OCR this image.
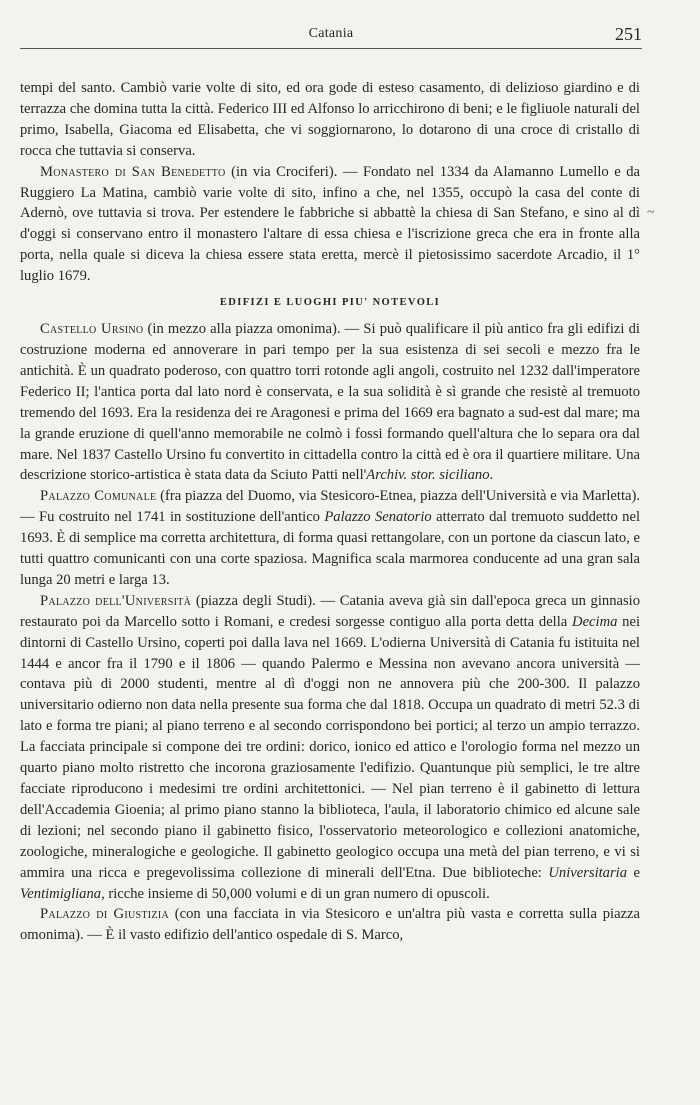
Catania	251
~

tempi del santo. Cambiò varie volte di sito, ed ora gode di esteso casamento, di delizioso giardino e di terrazza che domina tutta la città. Federico III ed Alfonso lo arricchirono di beni; e le figliuole naturali del primo, Isabella, Giacoma ed Elisabetta, che vi soggiornarono, lo dotarono di una croce di cristallo di rocca che tuttavia si conserva.

Monastero di San Benedetto (in via Crociferi). — Fondato nel 1334 da Alamanno Lumello e da Ruggiero La Matina, cambiò varie volte di sito, infino a che, nel 1355, occupò la casa del conte di Adernò, ove tuttavia si trova. Per estendere le fabbriche si abbattè la chiesa di San Stefano, e sino al dì d'oggi si conservano entro il monastero l'altare di essa chiesa e l'iscrizione greca che era in fronte alla porta, nella quale si diceva la chiesa essere stata eretta, mercè il pietosissimo sacerdote Arcadio, il 1° luglio 1679.

EDIFIZI E LUOGHI PIU' NOTEVOLI

Castello Ursino (in mezzo alla piazza omonima). — Si può qualificare il più antico fra gli edifizi di costruzione moderna ed annoverare in pari tempo per la sua esistenza di sei secoli e mezzo fra le antichità. È un quadrato poderoso, con quattro torri rotonde agli angoli, costruito nel 1232 dall'imperatore Federico II; l'antica porta dal lato nord è conservata, e la sua solidità è sì grande che resistè al tremuoto tremendo del 1693. Era la residenza dei re Aragonesi e prima del 1669 era bagnato a sud-est dal mare; ma la grande eruzione di quell'anno memorabile ne colmò i fossi formando quell'altura che lo separa ora dal mare. Nel 1837 Castello Ursino fu convertito in cittadella contro la città ed è ora il quartiere militare. Una descrizione storico-artistica è stata data da Sciuto Patti nell'Archiv. stor. siciliano.

Palazzo Comunale (fra piazza del Duomo, via Stesicoro-Etnea, piazza dell'Università e via Marletta). — Fu costruito nel 1741 in sostituzione dell'antico Palazzo Senatorio atterrato dal tremuoto suddetto nel 1693. È di semplice ma corretta architettura, di forma quasi rettangolare, con un portone da ciascun lato, e tutti quattro comunicanti con una corte spaziosa. Magnifica scala marmorea conducente ad una gran sala lunga 20 metri e larga 13.

Palazzo dell'Università (piazza degli Studi). — Catania aveva già sin dall'epoca greca un ginnasio restaurato poi da Marcello sotto i Romani, e credesi sorgesse contiguo alla porta detta della Decima nei dintorni di Castello Ursino, coperti poi dalla lava nel 1669. L'odierna Università di Catania fu istituita nel 1444 e ancor fra il 1790 e il 1806 — quando Palermo e Messina non avevano ancora università — contava più di 2000 studenti, mentre al dì d'oggi non ne annovera più che 200-300. Il palazzo universitario odierno non data nella presente sua forma che dal 1818. Occupa un quadrato di metri 52.3 di lato e forma tre piani; al piano terreno e al secondo corrispondono bei portici; al terzo un ampio terrazzo. La facciata principale si compone dei tre ordini: dorico, ionico ed attico e l'orologio forma nel mezzo un quarto piano molto ristretto che incorona graziosamente l'edifizio. Quantunque più semplici, le tre altre facciate riproducono i medesimi tre ordini architettonici. — Nel pian terreno è il gabinetto di lettura dell'Accademia Gioenia; al primo piano stanno la biblioteca, l'aula, il laboratorio chimico ed alcune sale di lezioni; nel secondo piano il gabinetto fisico, l'osservatorio meteorologico e collezioni anatomiche, zoologiche, mineralogiche e geologiche. Il gabinetto geologico occupa una metà del pian terreno, e vi si ammira una ricca e pregevolissima collezione di minerali dell'Etna. Due biblioteche: Universitaria e Ventimigliana, ricche insieme di 50,000 volumi e di un gran numero di opuscoli.

Palazzo di Giustizia (con una facciata in via Stesicoro e un'altra più vasta e corretta sulla piazza omonima). — È il vasto edifizio dell'antico ospedale di S. Marco,
